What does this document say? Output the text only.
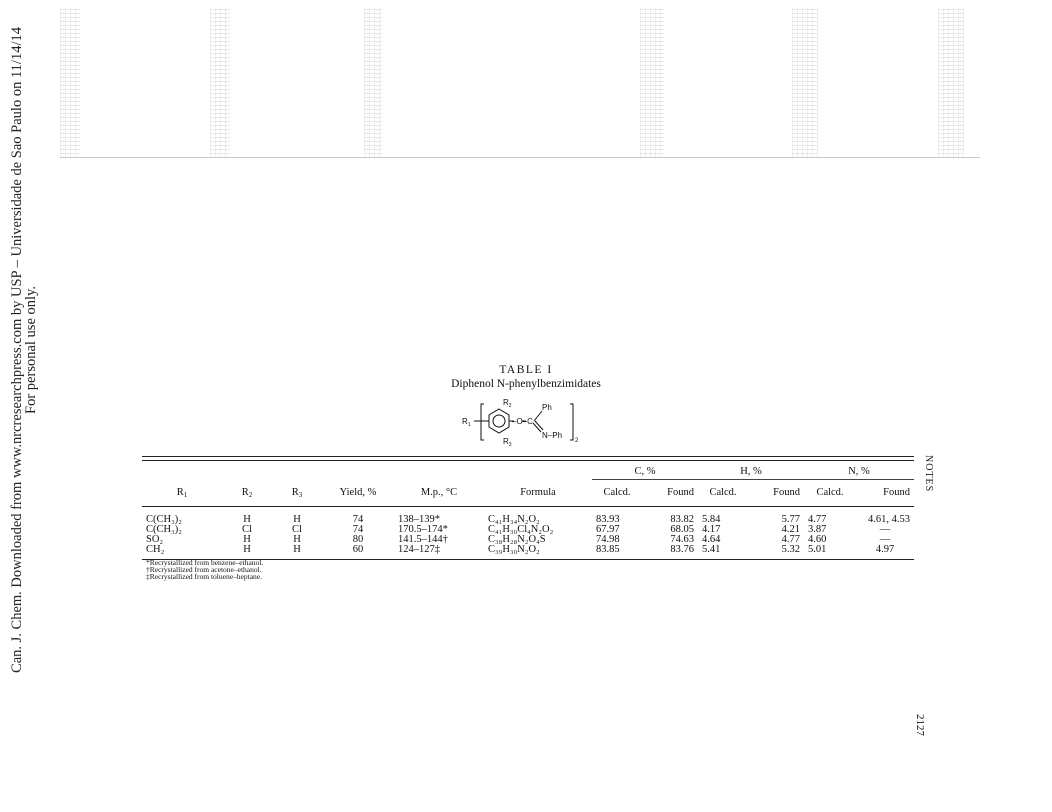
Can. J. Chem. Downloaded from www.nrcresearchpress.com by USP – Universidade de Sao Paulo on 11/14/14
For personal use only.
NOTES
TABLE I
Diphenol N-phenylbenzimidates
$R_1$
$R_2$
$R_3$
–O–C
Ph
N–Ph
2

						C, %		H, %		N, %	
$R_1$	$R_2$	$R_3$	Yield, %	M.p., °C	Formula	Calcd.	Found	Calcd.	Found	Calcd.	Found
C(CH₃)₂	H	H	74	138–139*	C₄₁H₃₄N₂O₂	83.93	83.82	5.84	5.77	4.77	4.61, 4.53
C(CH₃)₂	Cl	Cl	74	170.5–174*	C₄₁H₃₀Cl₄N₂O₂	67.97	68.05	4.17	4.21	3.87	—
SO₂	H	H	80	141.5–144†	C₃₈H₂₈N₂O₄S	74.98	74.63	4.64	4.77	4.60	—
CH₂	H	H	60	124–127‡	C₃₉H₃₀N₂O₂	83.85	83.76	5.41	5.32	5.01	4.97
*Recrystallized from benzene–ethanol.
†Recrystallized from acetone–ethanol.
‡Recrystallized from toluene–heptane.
2127
